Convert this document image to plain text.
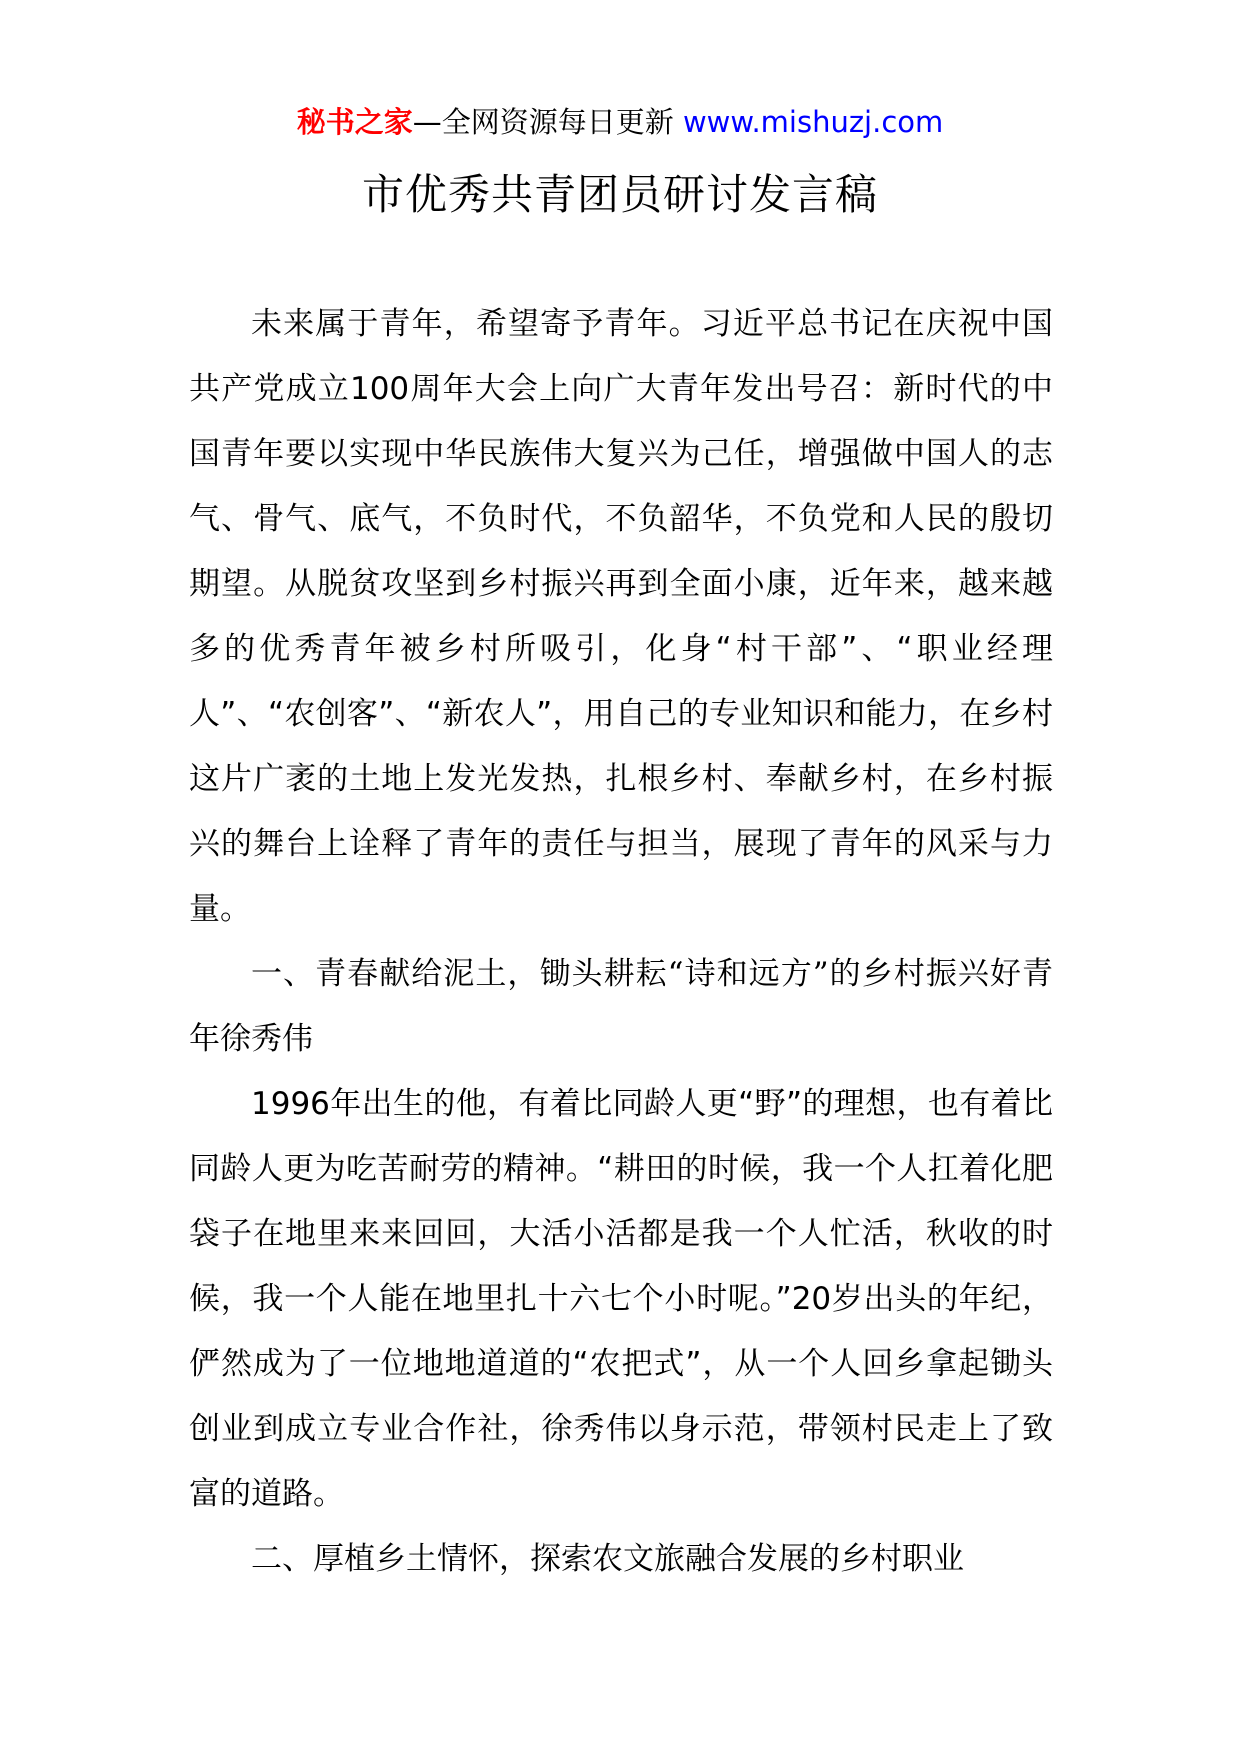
秘书之家—全网资源每日更新 www.mishuzj.com
市优秀共青团员研讨发言稿

未来属于青年，希望寄予青年。习近平总书记在庆祝中国共产党成立100周年大会上向广大青年发出号召：新时代的中国青年要以实现中华民族伟大复兴为己任，增强做中国人的志气、骨气、底气，不负时代，不负韶华，不负党和人民的殷切期望。从脱贫攻坚到乡村振兴再到全面小康，近年来，越来越多的优秀青年被乡村所吸引，化身“村干部”、“职业经理人”、“农创客”、“新农人”，用自己的专业知识和能力，在乡村这片广袤的土地上发光发热，扎根乡村、奉献乡村，在乡村振兴的舞台上诠释了青年的责任与担当，展现了青年的风采与力量。

一、青春献给泥土，锄头耕耘“诗和远方”的乡村振兴好青年徐秀伟

1996年出生的他，有着比同龄人更“野”的理想，也有着比同龄人更为吃苦耐劳的精神。“耕田的时候，我一个人扛着化肥袋子在地里来来回回，大活小活都是我一个人忙活，秋收的时候，我一个人能在地里扎十六七个小时呢。”20岁出头的年纪，俨然成为了一位地地道道的“农把式”，从一个人回乡拿起锄头创业到成立专业合作社，徐秀伟以身示范，带领村民走上了致富的道路。

二、厚植乡土情怀，探索农文旅融合发展的乡村职业
